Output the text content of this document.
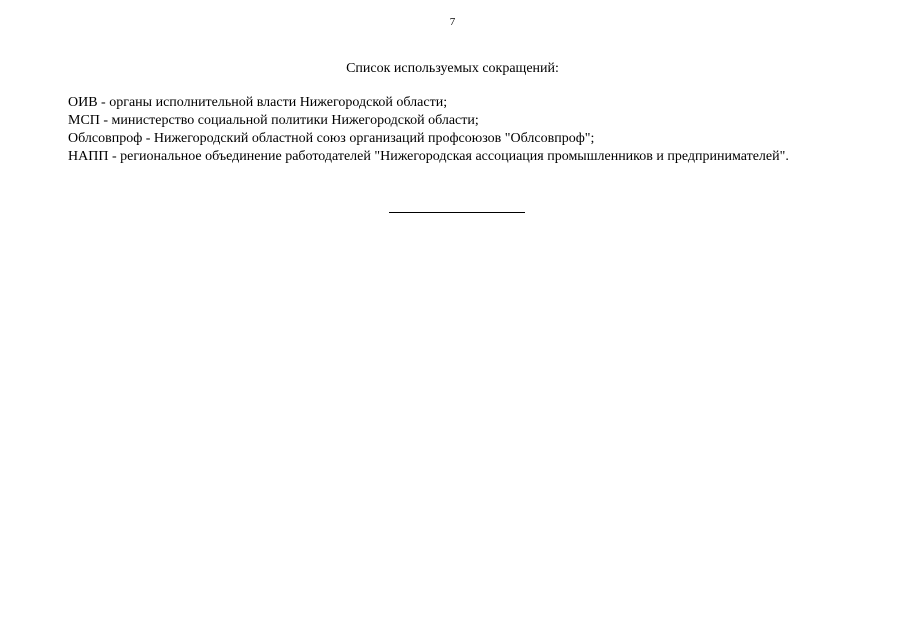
7
Список используемых сокращений:
ОИВ - органы исполнительной власти Нижегородской области;
МСП - министерство социальной политики Нижегородской области;
Облсовпроф - Нижегородский областной союз организаций профсоюзов "Облсовпроф";
НАПП - региональное объединение работодателей "Нижегородская ассоциация промышленников и предпринимателей".
